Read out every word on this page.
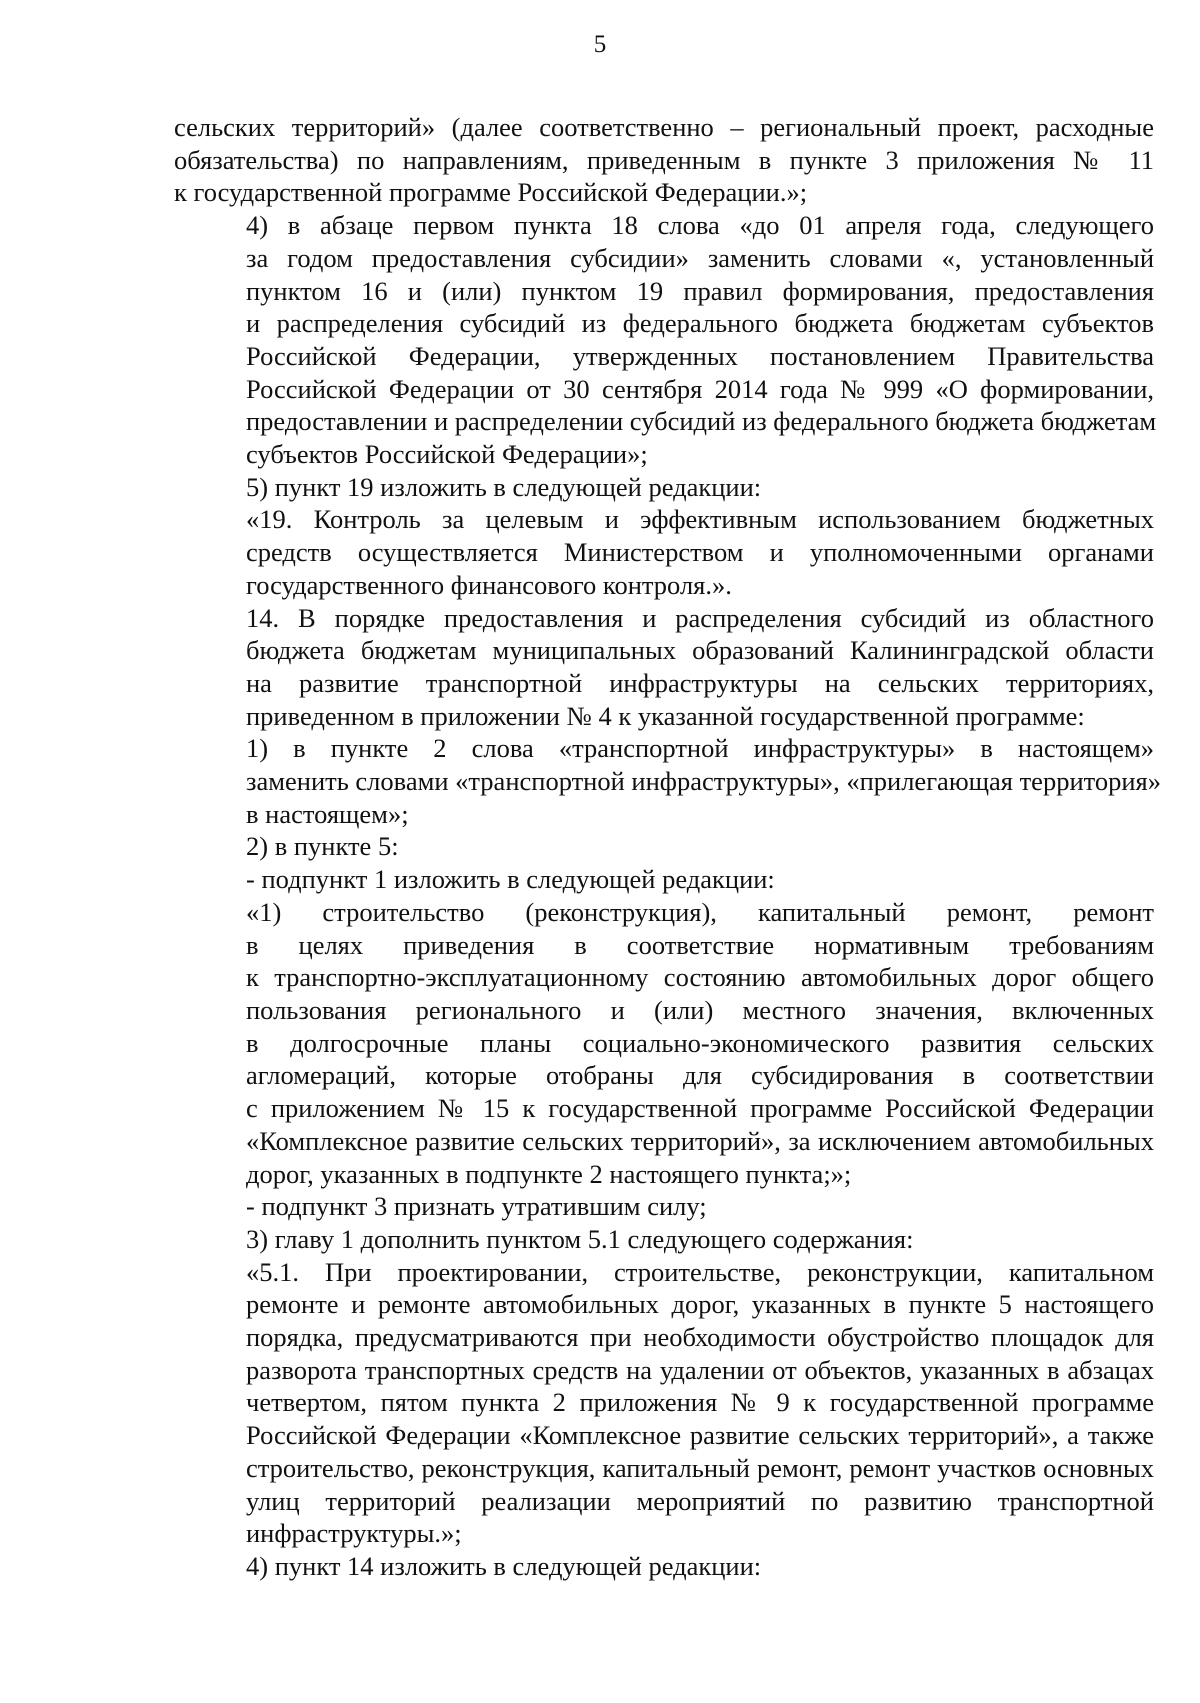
5
сельских территорий» (далее соответственно – региональный проект, расходные
обязательства) по направлениям, приведенным в пункте 3 приложения № 11
к государственной программе Российской Федерации.»;
4) в абзаце первом пункта 18 слова «до 01 апреля года, следующего
за годом предоставления субсидии» заменить словами «, установленный
пунктом 16 и (или) пунктом 19 правил формирования, предоставления
и распределения субсидий из федерального бюджета бюджетам субъектов
Российской Федерации, утвержденных постановлением Правительства
Российской Федерации от 30 сентября 2014 года № 999 «О формировании,
предоставлении и распределении субсидий из федерального бюджета бюджетам
субъектов Российской Федерации»;
5) пункт 19 изложить в следующей редакции:
«19. Контроль за целевым и эффективным использованием бюджетных
средств осуществляется Министерством и уполномоченными органами
государственного финансового контроля.».
14. В порядке предоставления и распределения субсидий из областного
бюджета бюджетам муниципальных образований Калининградской области
на развитие транспортной инфраструктуры на сельских территориях,
приведенном в приложении № 4 к указанной государственной программе:
1) в пункте 2 слова «транспортной инфраструктуры» в настоящем»
заменить словами «транспортной инфраструктуры», «прилегающая территория»
в настоящем»;
2) в пункте 5:
- подпункт 1 изложить в следующей редакции:
«1) строительство (реконструкция), капитальный ремонт, ремонт
в целях приведения в соответствие нормативным требованиям
к транспортно-эксплуатационному состоянию автомобильных дорог общего
пользования регионального и (или) местного значения, включенных
в долгосрочные планы социально-экономического развития сельских
агломераций, которые отобраны для субсидирования в соответствии
с приложением № 15 к государственной программе Российской Федерации
«Комплексное развитие сельских территорий», за исключением автомобильных
дорог, указанных в подпункте 2 настоящего пункта;»;
- подпункт 3 признать утратившим силу;
3) главу 1 дополнить пунктом 5.1 следующего содержания:
«5.1. При проектировании, строительстве, реконструкции, капитальном
ремонте и ремонте автомобильных дорог, указанных в пункте 5 настоящего
порядка, предусматриваются при необходимости обустройство площадок для
разворота транспортных средств на удалении от объектов, указанных в абзацах
четвертом, пятом пункта 2 приложения № 9 к государственной программе
Российской Федерации «Комплексное развитие сельских территорий», а также
строительство, реконструкция, капитальный ремонт, ремонт участков основных
улиц территорий реализации мероприятий по развитию транспортной
инфраструктуры.»;
4) пункт 14 изложить в следующей редакции:
